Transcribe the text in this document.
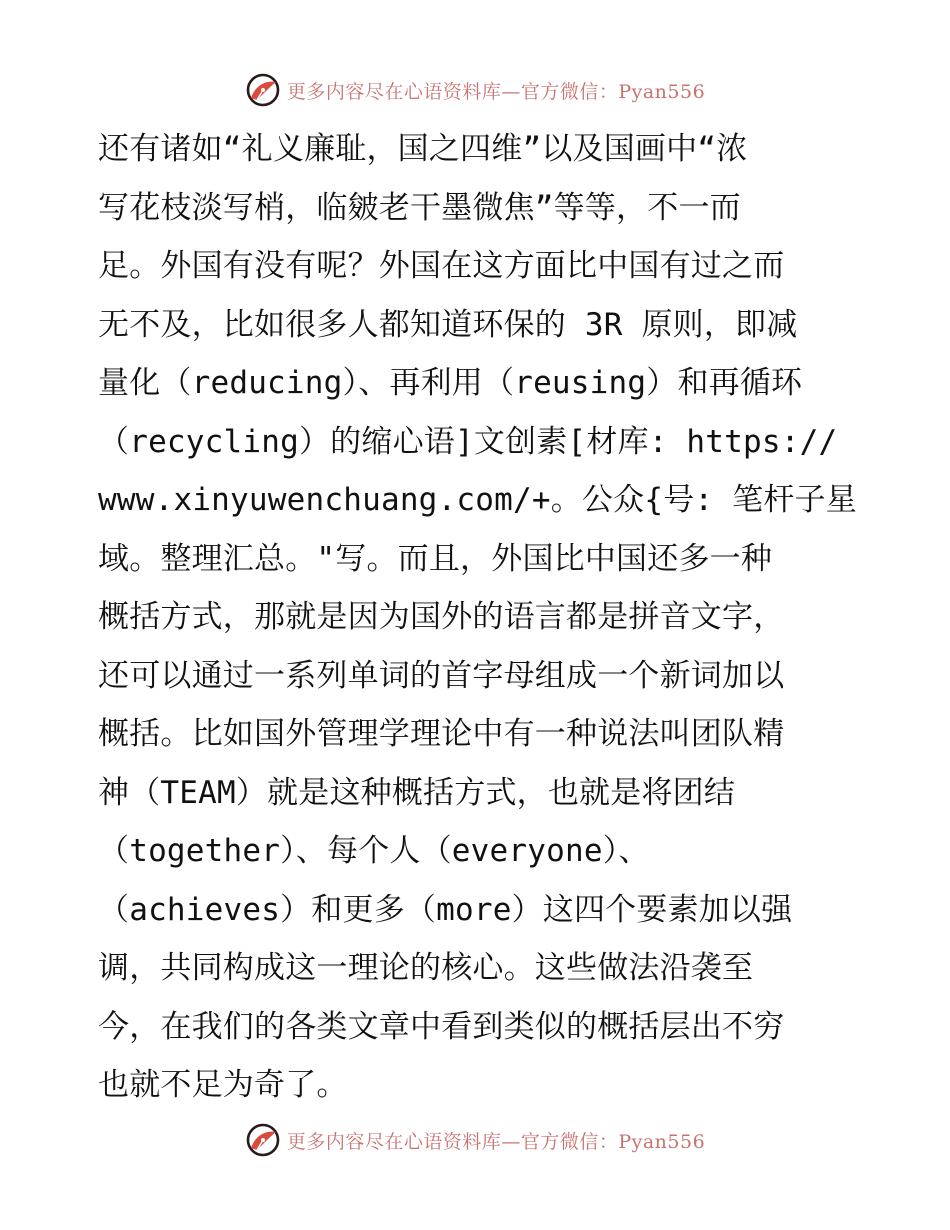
更多内容尽在心语资料库—官方微信：Pyan556
还有诸如“礼义廉耻，国之四维”以及国画中“浓
写花枝淡写梢，临皴老干墨微焦”等等，不一而
足。外国有没有呢？外国在这方面比中国有过之而
无不及，比如很多人都知道环保的 3R 原则，即减
量化（reducing）、再利用（reusing）和再循环
（recycling）的缩心语]文创素[材库: https://
www.xinyuwenchuang.com/+。公众{号: 笔杆子星
域。整理汇总。"写。而且，外国比中国还多一种
概括方式，那就是因为国外的语言都是拼音文字，
还可以通过一系列单词的首字母组成一个新词加以
概括。比如国外管理学理论中有一种说法叫团队精
神（TEAM）就是这种概括方式，也就是将团结
（together）、每个人（everyone）、
（achieves）和更多（more）这四个要素加以强
调，共同构成这一理论的核心。这些做法沿袭至
今，在我们的各类文章中看到类似的概括层出不穷
也就不足为奇了。
更多内容尽在心语资料库—官方微信：Pyan556
